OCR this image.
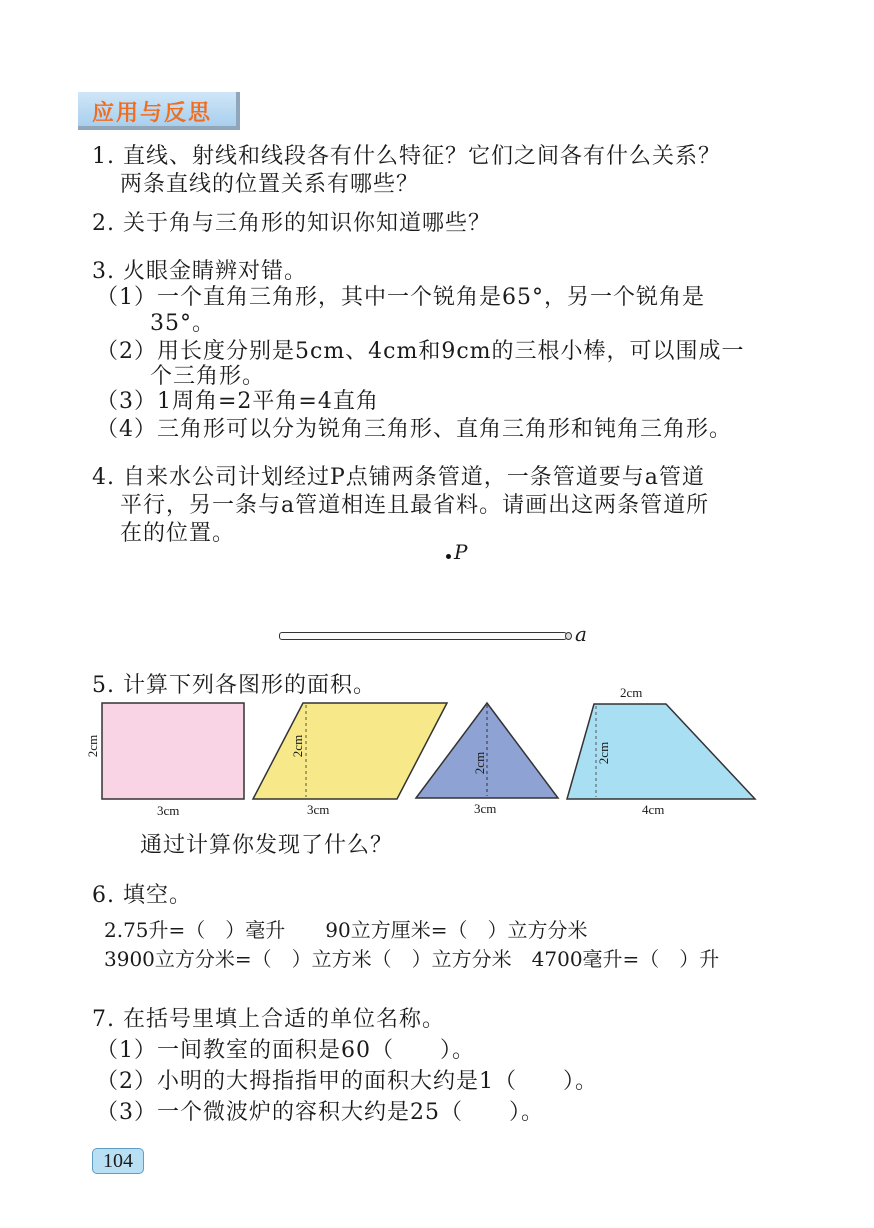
应用与反思
1. 直线、射线和线段各有什么特征？它们之间各有什么关系？
两条直线的位置关系有哪些？
2. 关于角与三角形的知识你知道哪些？
3. 火眼金睛辨对错。
（1）一个直角三角形，其中一个锐角是65°，另一个锐角是
35°。
（2）用长度分别是5cm、4cm和9cm的三根小棒，可以围成一
个三角形。
（3）1周角=2平角=4直角
（4）三角形可以分为锐角三角形、直角三角形和钝角三角形。
4. 自来水公司计划经过P点铺两条管道，一条管道要与a管道
平行，另一条与a管道相连且最省料。请画出这两条管道所
在的位置。
P
a
5. 计算下列各图形的面积。
2cm
3cm
2cm
3cm
2cm
3cm
2cm
2cm
4cm
通过计算你发现了什么？
6. 填空。
2.75升=（　）毫升　　90立方厘米=（　）立方分米
3900立方分米=（　）立方米（　）立方分米　4700毫升=（　）升
7. 在括号里填上合适的单位名称。
（1）一间教室的面积是60（　　）。
（2）小明的大拇指指甲的面积大约是1（　　）。
（3）一个微波炉的容积大约是25（　　）。
104
